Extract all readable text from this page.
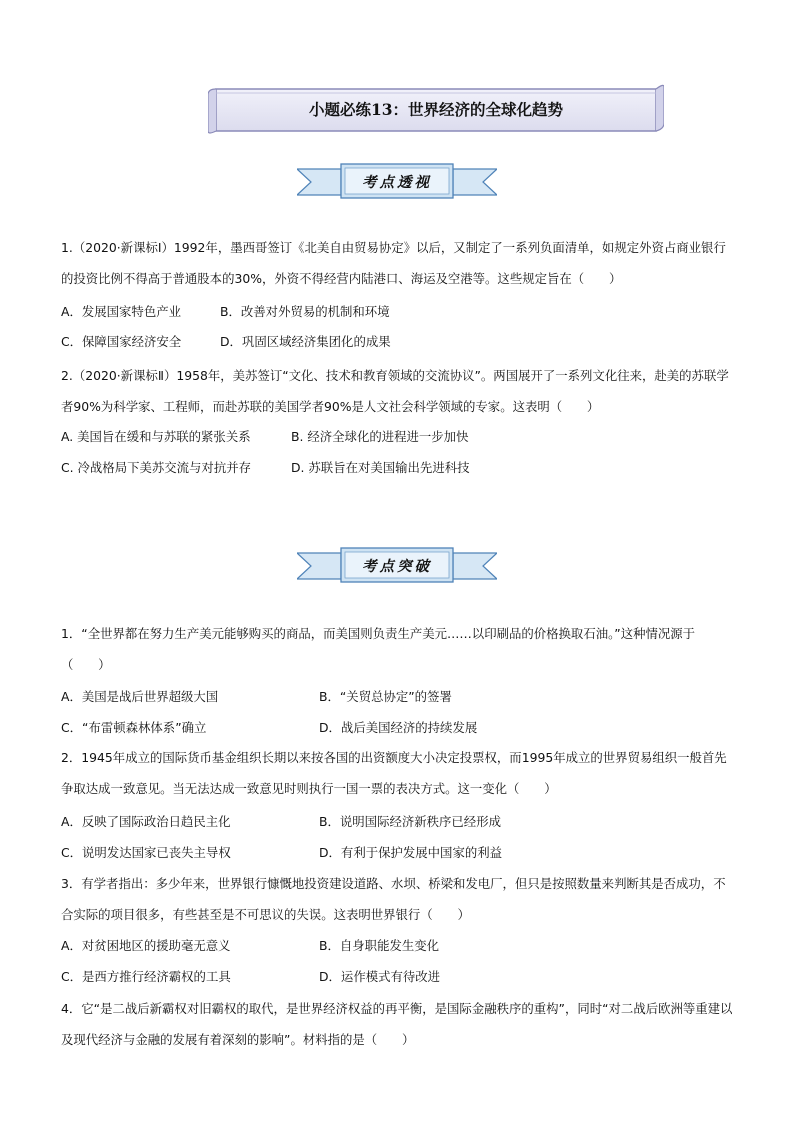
小题必练13：世界经济的全球化趋势
考点透视

1.（2020·新课标Ⅰ）1992年，墨西哥签订《北美自由贸易协定》以后，又制定了一系列负面清单，如规定外资占商业银行的投资比例不得高于普通股本的30%，外资不得经营内陆港口、海运及空港等。这些规定旨在（　　）

A．发展国家特色产业	B．改善对外贸易的机制和环境
C．保障国家经济安全	D．巩固区域经济集团化的成果

2.（2020·新课标Ⅱ）1958年，美苏签订“文化、技术和教育领域的交流协议”。两国展开了一系列文化往来，赴美的苏联学者90%为科学家、工程师，而赴苏联的美国学者90%是人文社会科学领域的专家。这表明（　　）

A. 美国旨在缓和与苏联的紧张关系	B. 经济全球化的进程进一步加快
C. 冷战格局下美苏交流与对抗并存	D. 苏联旨在对美国输出先进科技
考点突破

1．“全世界都在努力生产美元能够购买的商品，而美国则负责生产美元……以印刷品的价格换取石油。”这种情况源于（　　）

A．美国是战后世界超级大国	B．“关贸总协定”的签署
C．“布雷顿森林体系”确立	D．战后美国经济的持续发展

2．1945年成立的国际货币基金组织长期以来按各国的出资额度大小决定投票权，而1995年成立的世界贸易组织一般首先争取达成一致意见。当无法达成一致意见时则执行一国一票的表决方式。这一变化（　　）

A．反映了国际政治日趋民主化	B．说明国际经济新秩序已经形成
C．说明发达国家已丧失主导权	D．有利于保护发展中国家的利益

3．有学者指出：多少年来，世界银行慷慨地投资建设道路、水坝、桥梁和发电厂，但只是按照数量来判断其是否成功，不合实际的项目很多，有些甚至是不可思议的失误。这表明世界银行（　　）

A．对贫困地区的援助毫无意义	B．自身职能发生变化
C．是西方推行经济霸权的工具	D．运作模式有待改进

4．它“是二战后新霸权对旧霸权的取代，是世界经济权益的再平衡，是国际金融秩序的重构”，同时“对二战后欧洲等重建以及现代经济与金融的发展有着深刻的影响”。材料指的是（　　）
